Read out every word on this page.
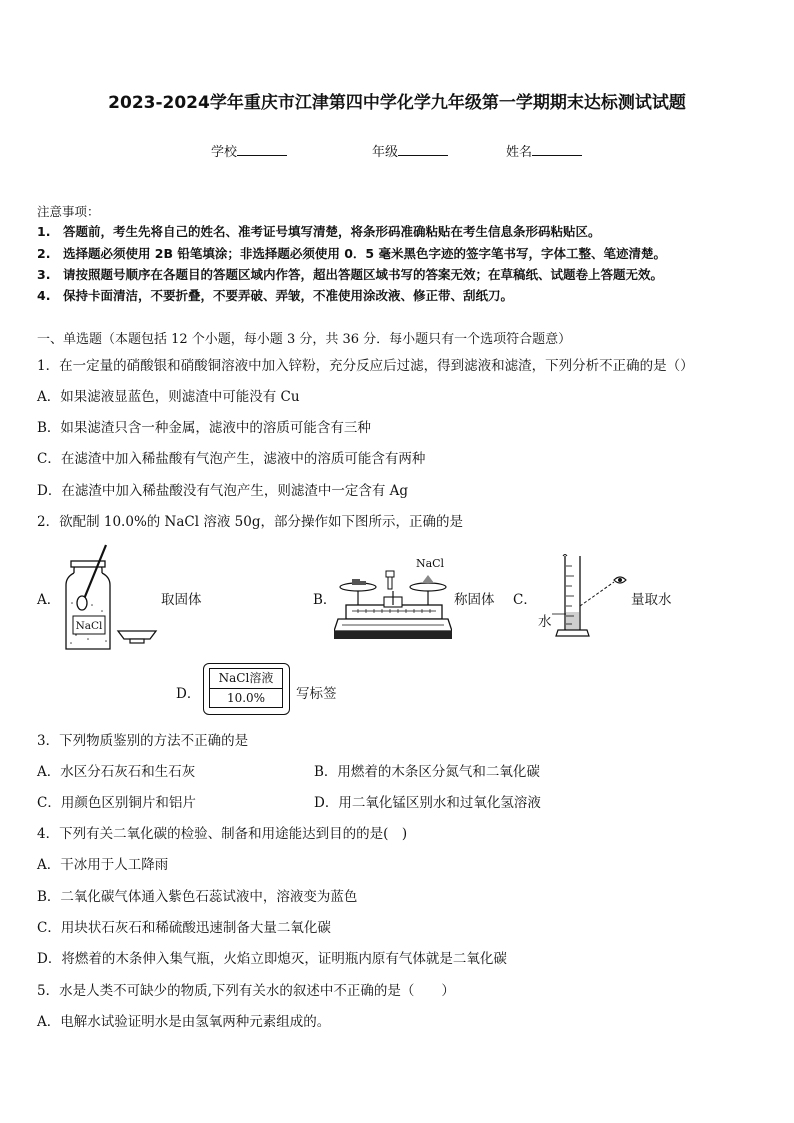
2023-2024学年重庆市江津第四中学化学九年级第一学期期末达标测试试题
学校	年级	姓名
注意事项：
1.　答题前，考生先将自己的姓名、准考证号填写清楚，将条形码准确粘贴在考生信息条形码粘贴区。
2.　选择题必须使用 2B 铅笔填涂；非选择题必须使用 0．5 毫米黑色字迹的签字笔书写，字体工整、笔迹清楚。
3.　请按照题号顺序在各题目的答题区域内作答，超出答题区域书写的答案无效；在草稿纸、试题卷上答题无效。
4.　保持卡面清洁，不要折叠，不要弄破、弄皱，不准使用涂改液、修正带、刮纸刀。
一、单选题（本题包括 12 个小题，每小题 3 分，共 36 分．每小题只有一个选项符合题意）
1．在一定量的硝酸银和硝酸铜溶液中加入锌粉，充分反应后过滤，得到滤液和滤渣，下列分析不正确的是（）
A．如果滤液显蓝色，则滤渣中可能没有 Cu
B．如果滤渣只含一种金属，滤液中的溶质可能含有三种
C．在滤渣中加入稀盐酸有气泡产生，滤液中的溶质可能含有两种
D．在滤渣中加入稀盐酸没有气泡产生，则滤渣中一定含有 Ag
2．欲配制 10.0%的 NaCl 溶液 50g，部分操作如下图所示，正确的是
A．
NaCl
取固体	B．
NaCl
称固体 C．
水
量取水
D．
NaCl溶液
10.0%	写标签
3．下列物质鉴别的方法不正确的是
A．水区分石灰石和生石灰	B．用燃着的木条区分氮气和二氧化碳
C．用颜色区别铜片和铝片	D．用二氧化锰区别水和过氧化氢溶液
4．下列有关二氧化碳的检验、制备和用途能达到目的的是(　)
A．干冰用于人工降雨
B．二氧化碳气体通入紫色石蕊试液中，溶液变为蓝色
C．用块状石灰石和稀硫酸迅速制备大量二氧化碳
D．将燃着的木条伸入集气瓶，火焰立即熄灭，证明瓶内原有气体就是二氧化碳
5．水是人类不可缺少的物质,下列有关水的叙述中不正确的是（　　）
A．电解水试验证明水是由氢氧两种元素组成的。
